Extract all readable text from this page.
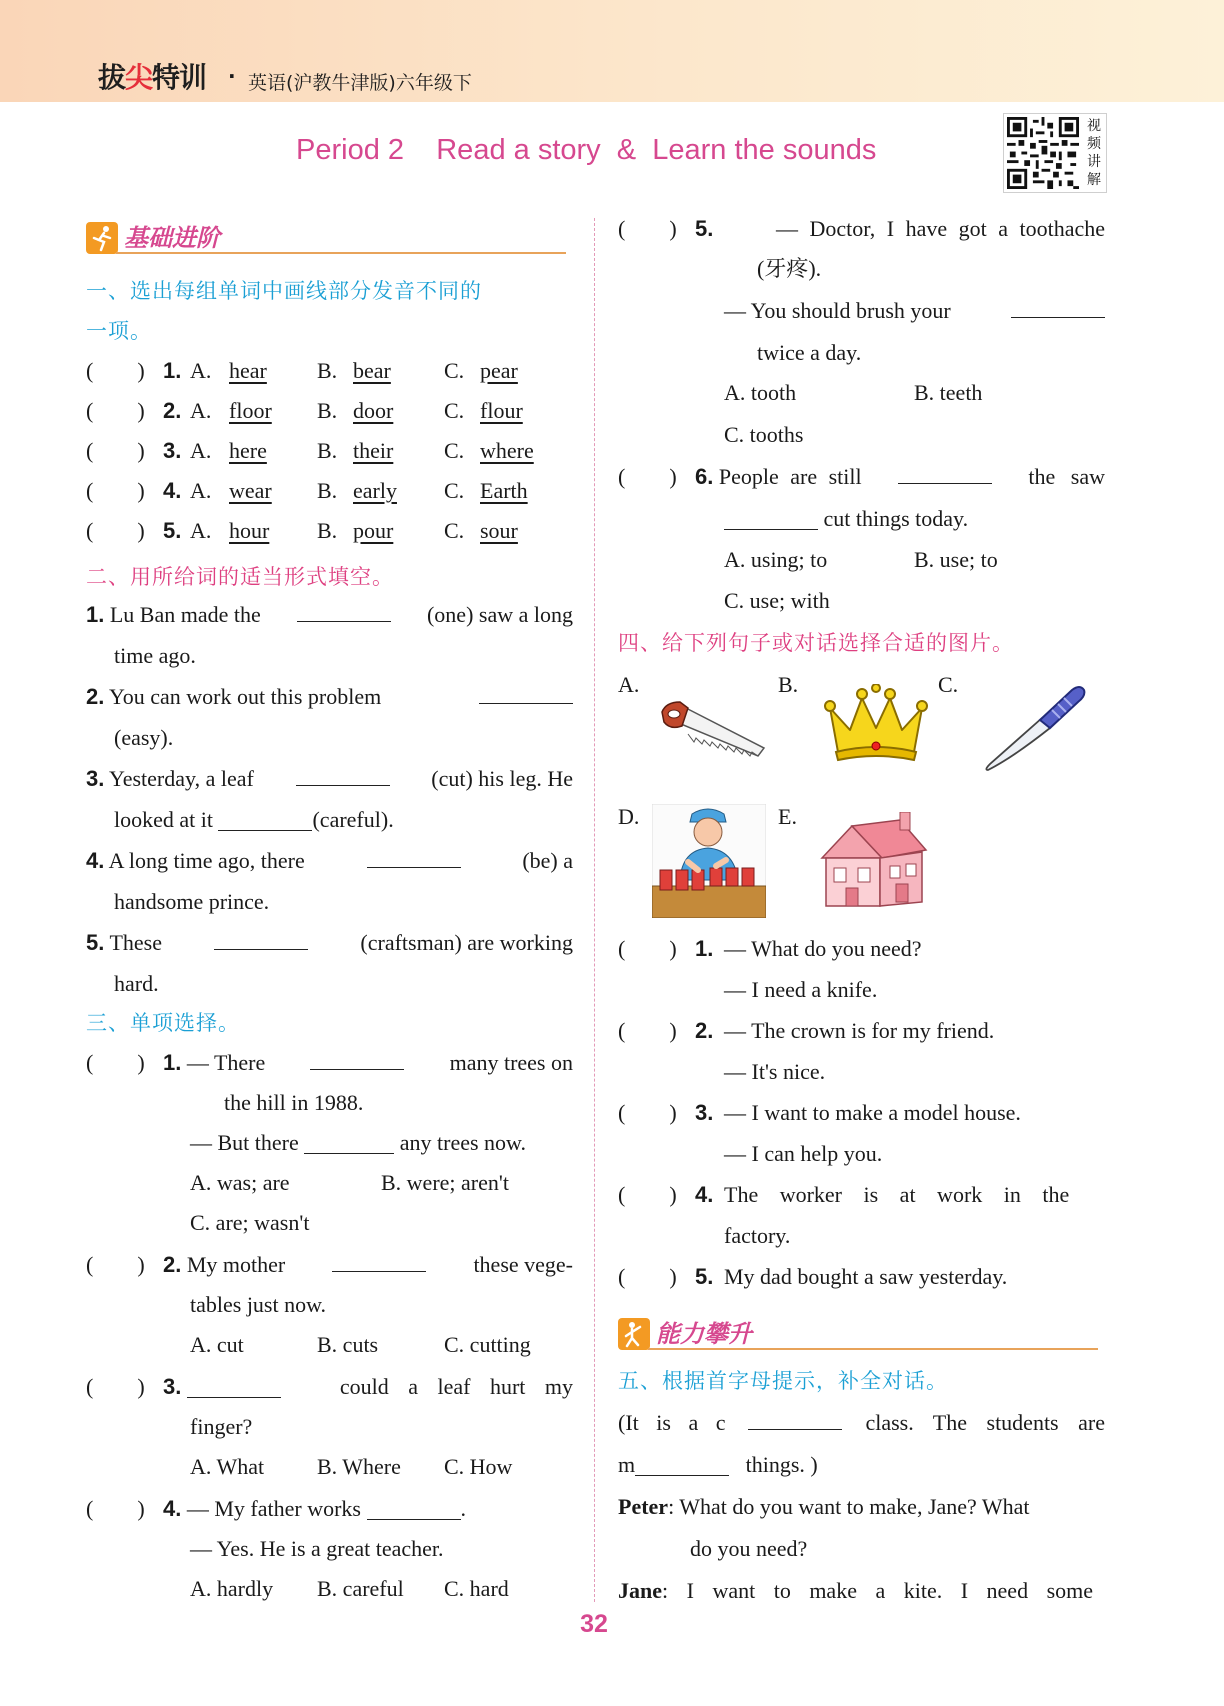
拔尖特训 · 英语(沪教牛津版)六年级下
Period 2    Read a story  &  Learn the sounds
视频讲解
基础进阶
一、选出每组单词中画线部分发音不同的
一项。
(        ) 1. A. hear B. bear C. pear
(        ) 2. A. floor B. door C. flour
(        ) 3. A. here B. their C. where
(        ) 4. A. wear B. early C. Earth
(        ) 5. A. hour B. pour C. sour
二、用所给词的适当形式填空。
1. Lu Ban made the	(one) saw a long
time ago.
2. You can work out this problem
(easy).
3. Yesterday, a leaf	(cut) his leg. He
looked at it	(careful).
4. A long time ago, there	(be) a
handsome prince.
5. These	(craftsman) are working
hard.
三、单项选择。
(        ) 1. — There	many trees on
the hill in 1988.
— But there	any trees now.
A. was; are	B. were; aren't
C. are; wasn't
(        ) 2. My mother	these vege-
tables just now.
A. cut	B. cuts	C. cutting
(        ) 3.	could a leaf hurt my
finger?
A. What B. Where C. How
(        ) 4. — My father works	.
— Yes. He is a great teacher.
A. hardly B. careful C. hard
(        ) 5.	— Doctor, I have got a toothache
(牙疼).
— You should brush your
twice a day.
A. tooth	B. teeth
C. tooths
(        ) 6. People are still	the saw
cut things today.
A. using; to	B. use; to
C. use; with
四、给下列句子或对话选择合适的图片。
A.	B.	C.
D.	E.
(        ) 1. — What do you need?
— I need a knife.
(        ) 2. — The crown is for my friend.
— It's nice.
(        ) 3. — I want to make a model house.
— I can help you.
(        ) 4. The worker is at work in the
factory.
(        ) 5. My dad bought a saw yesterday.
能力攀升
五、根据首字母提示，补全对话。
(It is a c	class. The students are
m	things. )
Peter: What do you want to make, Jane? What
do you need?
Jane : I want to make a kite. I need some
32
